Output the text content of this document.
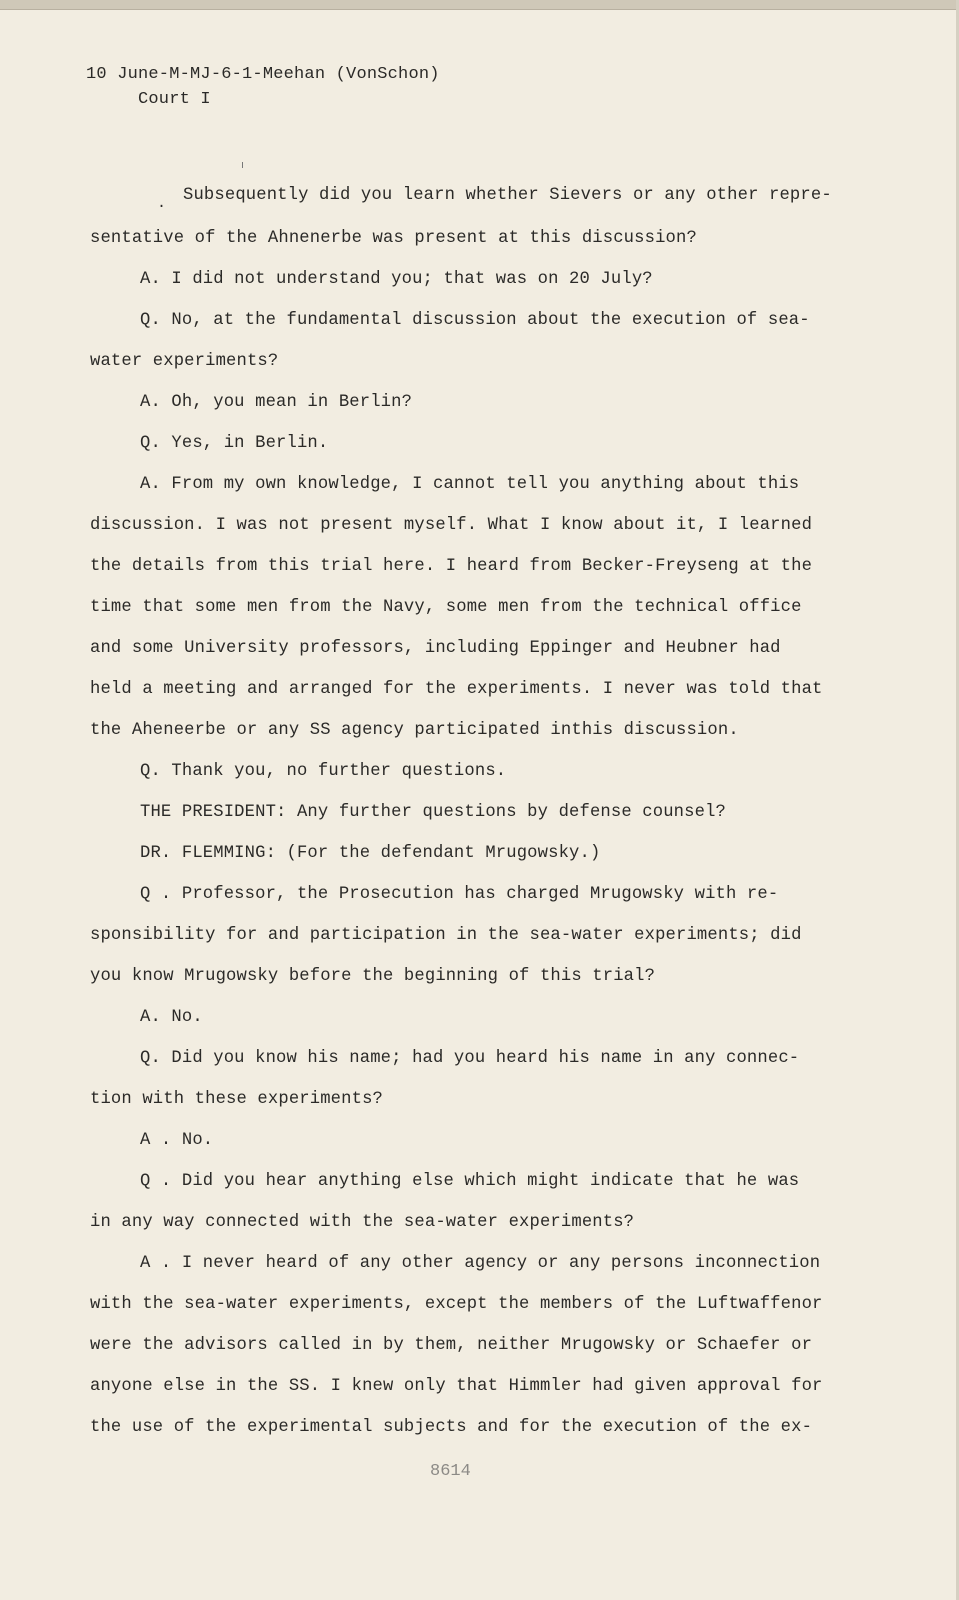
10 June-M-MJ-6-1-Meehan (VonSchon)
Court I
. Subsequently did you learn whether Sievers or any other repre-
sentative of the Ahnenerbe was present at this discussion?
A. I did not understand you; that was on 20 July?
Q. No, at the fundamental discussion about the execution of sea-
water experiments?
A. Oh, you mean in Berlin?
Q. Yes, in Berlin.
A. From my own knowledge, I cannot tell you anything about this
discussion. I was not present myself. What I know about it, I learned
the details from this trial here. I heard from Becker-Freyseng at the
time that some men from the Navy, some men from the technical office
and some University professors, including Eppinger and Heubner had
held a meeting and arranged for the experiments. I never was told that
the Aheneerbe or any SS agency participated inthis discussion.
Q. Thank you, no further questions.
THE PRESIDENT: Any further questions by defense counsel?
DR. FLEMMING: (For the defendant Mrugowsky.)
Q . Professor, the Prosecution has charged Mrugowsky with re-
sponsibility for and participation in the sea-water experiments; did
you know Mrugowsky before the beginning of this trial?
A. No.
Q. Did you know his name; had you heard his name in any connec-
tion with these experiments?
A . No.
Q . Did you hear anything else which might indicate that he was
in any way connected with the sea-water experiments?
A . I never heard of any other agency or any persons inconnection
with the sea-water experiments, except the members of the Luftwaffenor
were the advisors called in by them, neither Mrugowsky or Schaefer or
anyone else in the SS. I knew only that Himmler had given approval for
the use of the experimental subjects and for the execution of the ex-
8614
